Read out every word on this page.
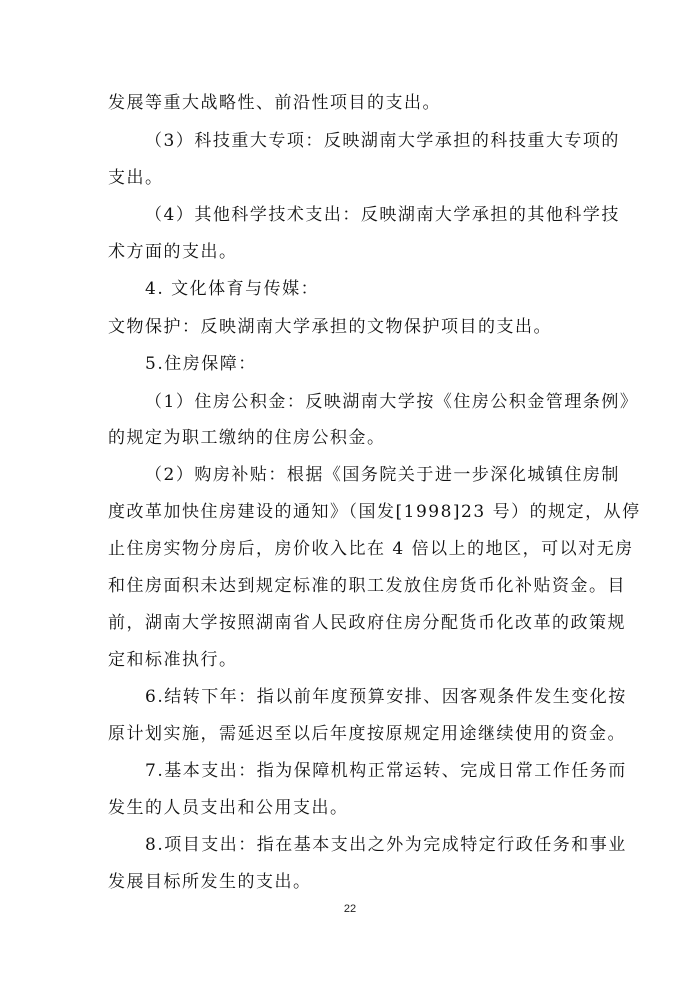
发展等重大战略性、前沿性项目的支出。
（3）科技重大专项：反映湖南大学承担的科技重大专项的
支出。
（4）其他科学技术支出：反映湖南大学承担的其他科学技
术方面的支出。
4. 文化体育与传媒：
文物保护：反映湖南大学承担的文物保护项目的支出。
5.住房保障：
（1）住房公积金：反映湖南大学按《住房公积金管理条例》
的规定为职工缴纳的住房公积金。
（2）购房补贴：根据《国务院关于进一步深化城镇住房制
度改革加快住房建设的通知》（国发[1998]23 号）的规定，从停
止住房实物分房后，房价收入比在 4 倍以上的地区，可以对无房
和住房面积未达到规定标准的职工发放住房货币化补贴资金。目
前，湖南大学按照湖南省人民政府住房分配货币化改革的政策规
定和标准执行。
6.结转下年：指以前年度预算安排、因客观条件发生变化按
原计划实施，需延迟至以后年度按原规定用途继续使用的资金。
7.基本支出：指为保障机构正常运转、完成日常工作任务而
发生的人员支出和公用支出。
8.项目支出：指在基本支出之外为完成特定行政任务和事业
发展目标所发生的支出。
22
